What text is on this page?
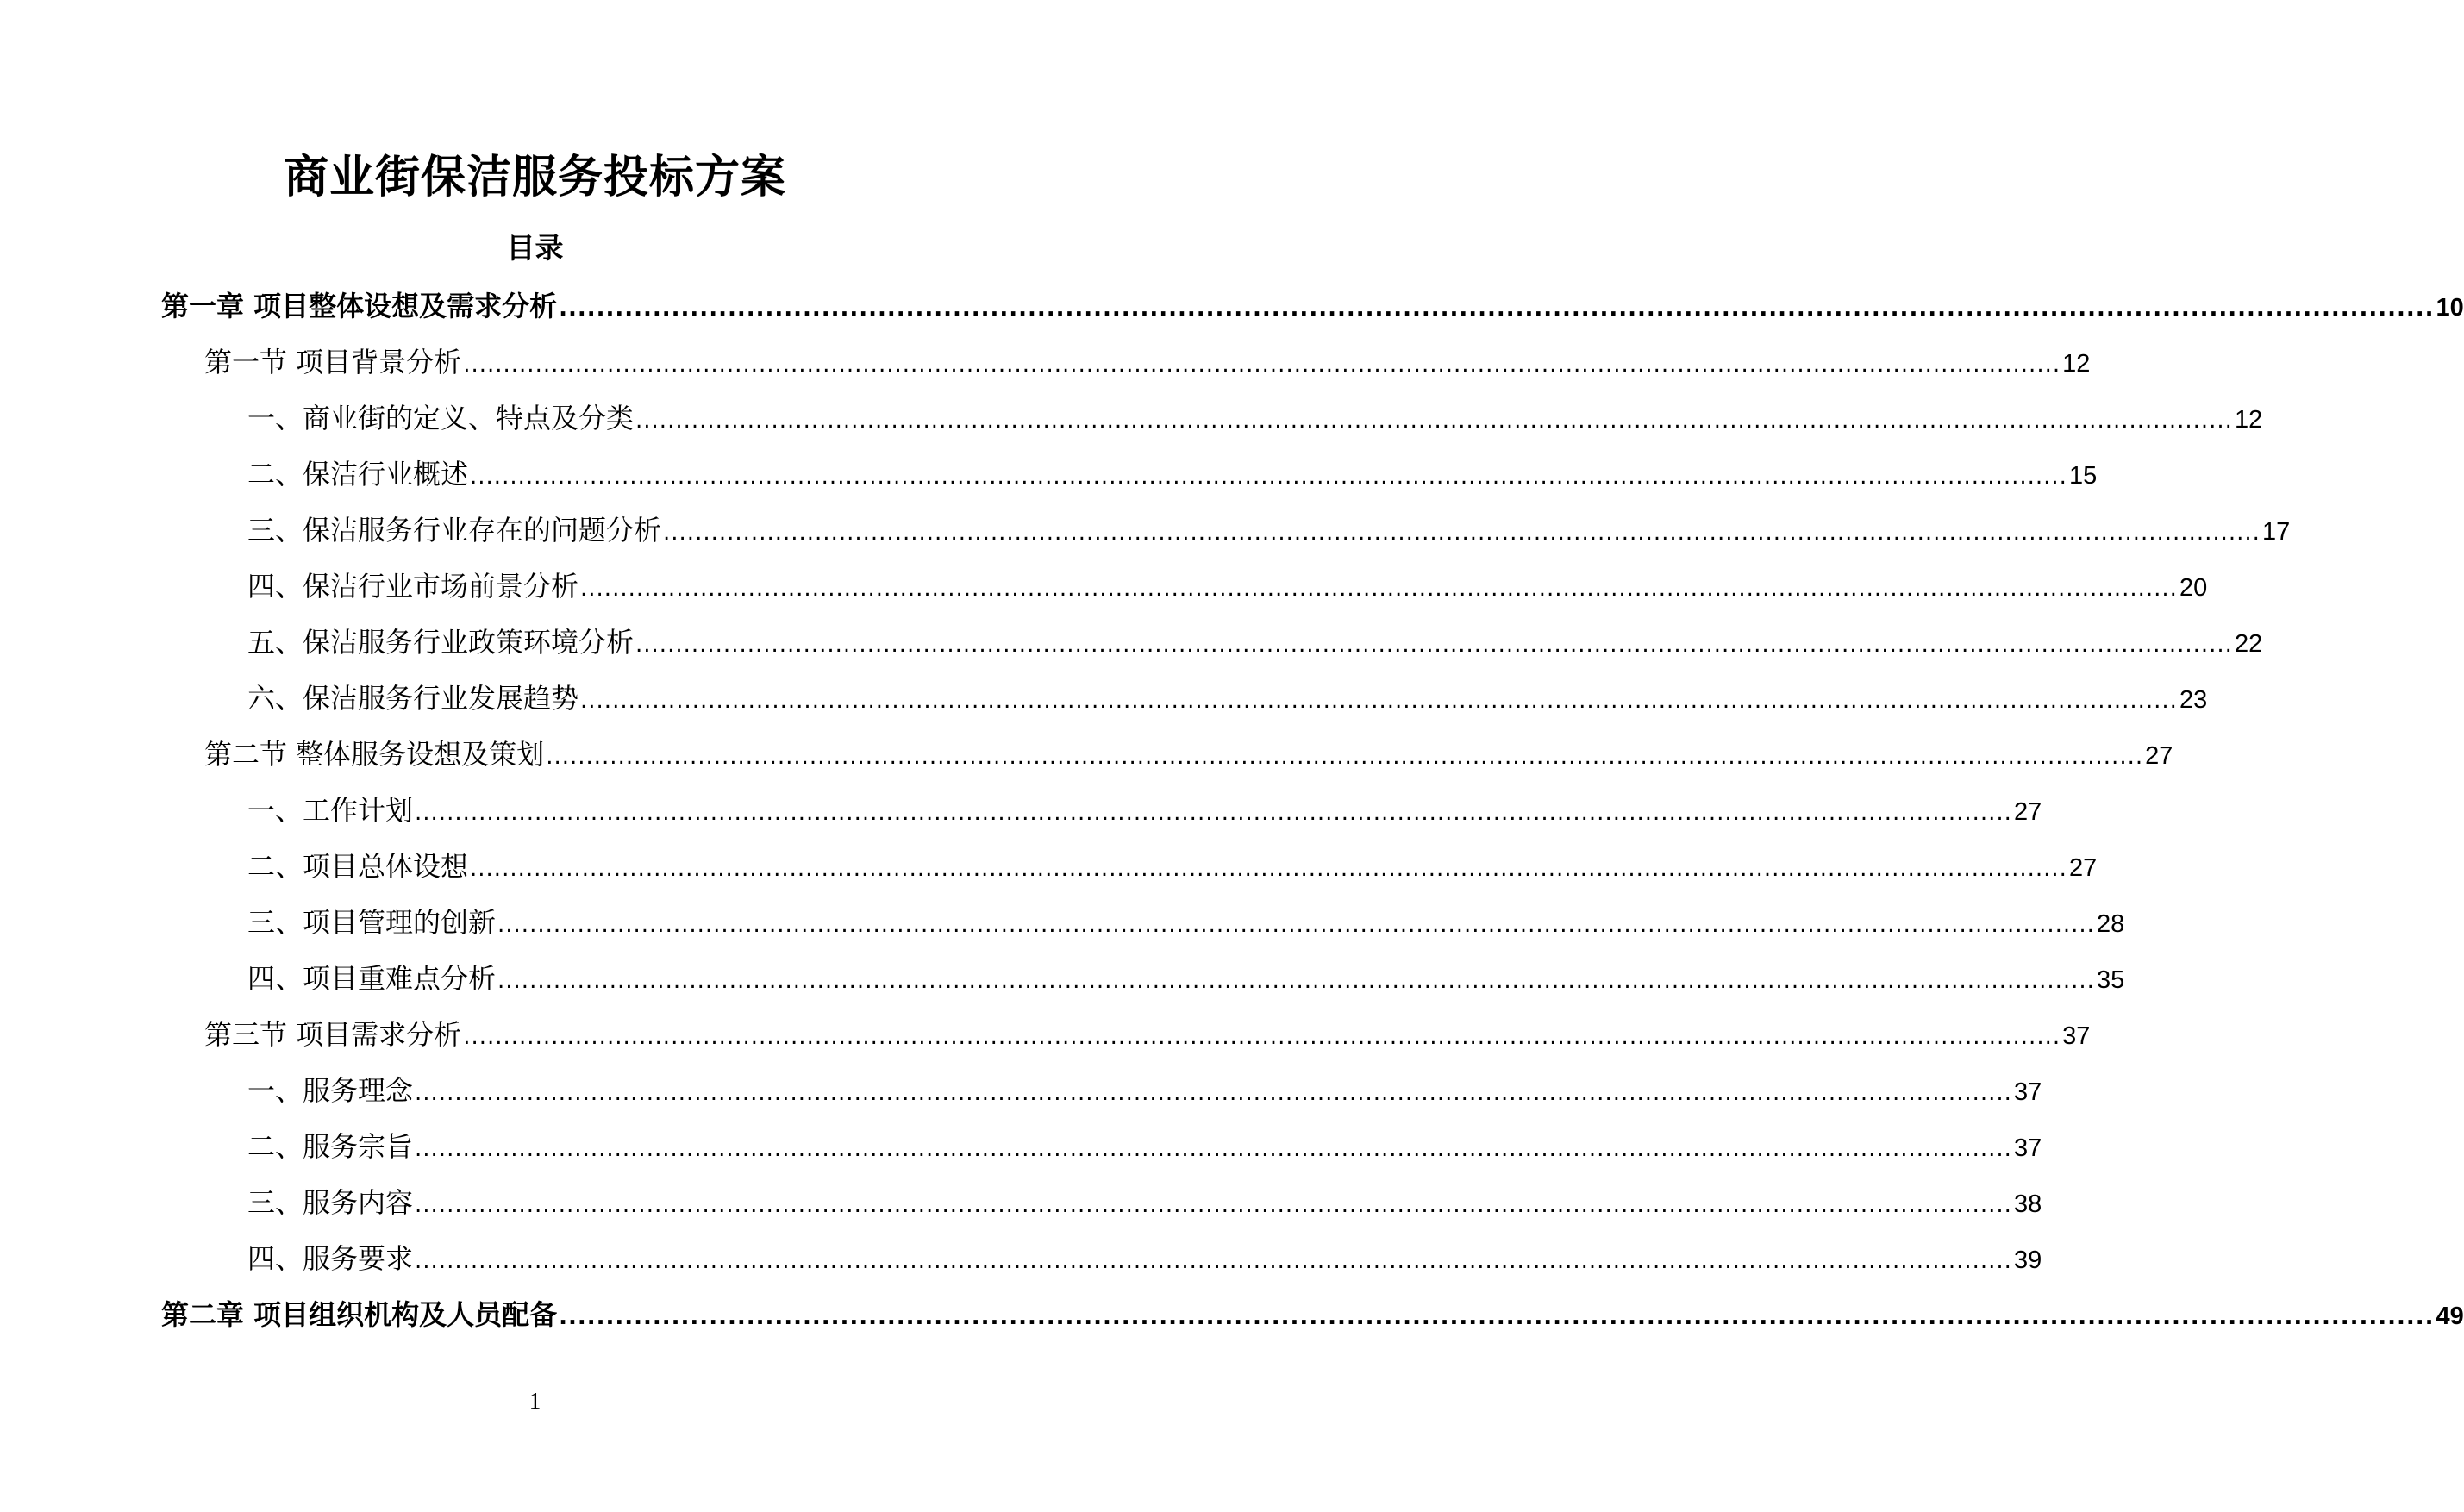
商业街保洁服务投标方案
目录
第一章 项目整体设想及需求分析 ........................................................................................................................................................................................................ 10
第一节 项目背景分析 ........................................................................................................................................................................................................ 12
一、商业街的定义、特点及分类 ........................................................................................................................................................................................................ 12
二、保洁行业概述 ........................................................................................................................................................................................................ 15
三、保洁服务行业存在的问题分析 ........................................................................................................................................................................................................ 17
四、保洁行业市场前景分析 ........................................................................................................................................................................................................ 20
五、保洁服务行业政策环境分析 ........................................................................................................................................................................................................ 22
六、保洁服务行业发展趋势 ........................................................................................................................................................................................................ 23
第二节 整体服务设想及策划 ........................................................................................................................................................................................................ 27
一、工作计划 ........................................................................................................................................................................................................ 27
二、项目总体设想 ........................................................................................................................................................................................................ 27
三、项目管理的创新 ........................................................................................................................................................................................................ 28
四、项目重难点分析 ........................................................................................................................................................................................................ 35
第三节 项目需求分析 ........................................................................................................................................................................................................ 37
一、服务理念 ........................................................................................................................................................................................................ 37
二、服务宗旨 ........................................................................................................................................................................................................ 37
三、服务内容 ........................................................................................................................................................................................................ 38
四、服务要求 ........................................................................................................................................................................................................ 39
第二章 项目组织机构及人员配备 ........................................................................................................................................................................................................ 49
1
